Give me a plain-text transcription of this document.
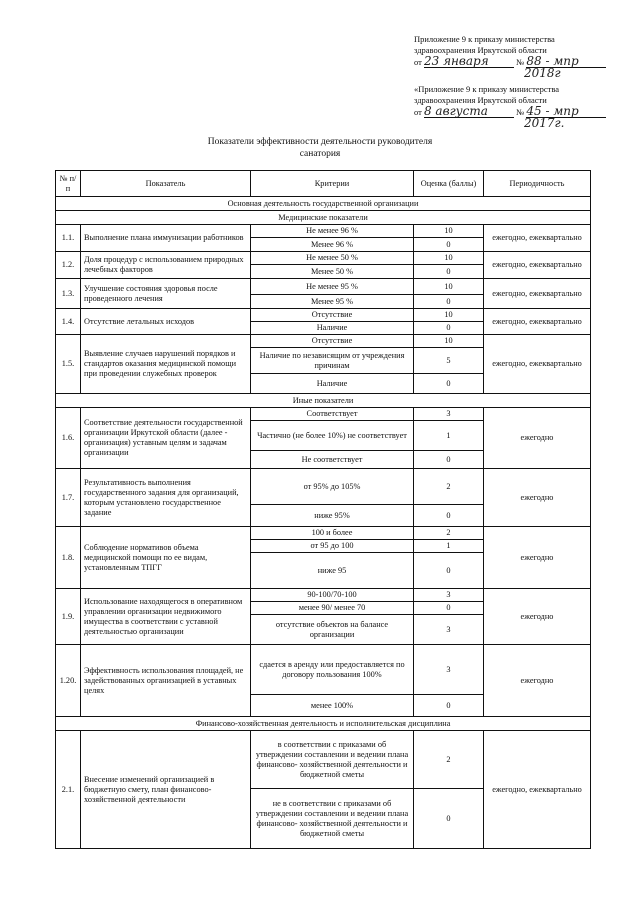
Приложение 9 к приказу министерства
здравоохранения Иркутской области
от 23 января	№ 88 - мпр
2018г
«Приложение 9 к приказу министерства
здравоохранения Иркутской области
от 8 августа	№ 45 - мпр
2017г.
Показатели эффективности деятельности руководителя
санатория
№ п/п	Показатель	Критерии	Оценка (баллы)	Периодичность
Основная деятельность государственной организации				
Медицинские показатели				
1.1.	Выполнение плана иммунизации работников	Не менее 96 %	10	ежегодно, ежеквартально
		Менее 96 %	0	
1.2.	Доля процедур с использованием природных лечебных факторов	Не менее 50 %	10	ежегодно, ежеквартально
		Менее 50 %	0	
1.3.	Улучшение состояния здоровья после проведенного лечения	Не менее 95 %	10	ежегодно, ежеквартально
		Менее 95 %	0	
1.4.	Отсутствие летальных исходов	Отсутствие	10	ежегодно, ежеквартально
		Наличие	0	
1.5.	Выявление случаев нарушений порядков и стандартов оказания медицинской помощи при проведении служебных проверок	Отсутствие	10	ежегодно, ежеквартально
		Наличие по независящим от учреждения причинам	5	
		Наличие	0	
Иные показатели				
1.6.	Соответствие деятельности государственной организации Иркутской области (далее - организация) уставным целям и задачам организации	Соответствует	3	ежегодно
		Частично (не более 10%) не соответствует	1	
		Не соответствует	0	
1.7.	Результативность выполнения государственного задания для организаций, которым установлено государственное задание	от 95% до 105%	2	ежегодно
		ниже 95%	0	
1.8.	Соблюдение нормативов объема медицинской помощи по ее видам, установленным ТПГГ	100 и более	2	ежегодно
		от 95 до 100	1	
		ниже 95	0	
1.9.	Использование находящегося в оперативном управлении организации недвижимого имущества в соответствии с уставной деятельностью организации	90-100/70-100	3	ежегодно
		менее 90/ менее 70	0	
		отсутствие объектов на балансе организации	3	
1.20.	Эффективность использования площадей, не задействованных организацией в уставных целях	сдается в аренду или предоставляется по договору пользования 100%	3	ежегодно
		менее 100%	0	
Финансово-хозяйственная деятельность и исполнительская дисциплина				
2.1.	Внесение изменений организацией в бюджетную смету, план финансово-хозяйственной деятельности	в соответствии с приказами об утверждении составлении и ведении плана финансово- хозяйственной деятельности и бюджетной сметы	2	ежегодно, ежеквартально
		не в соответствии с приказами об утверждении составлении и ведении плана финансово- хозяйственной деятельности и бюджетной сметы	0	
